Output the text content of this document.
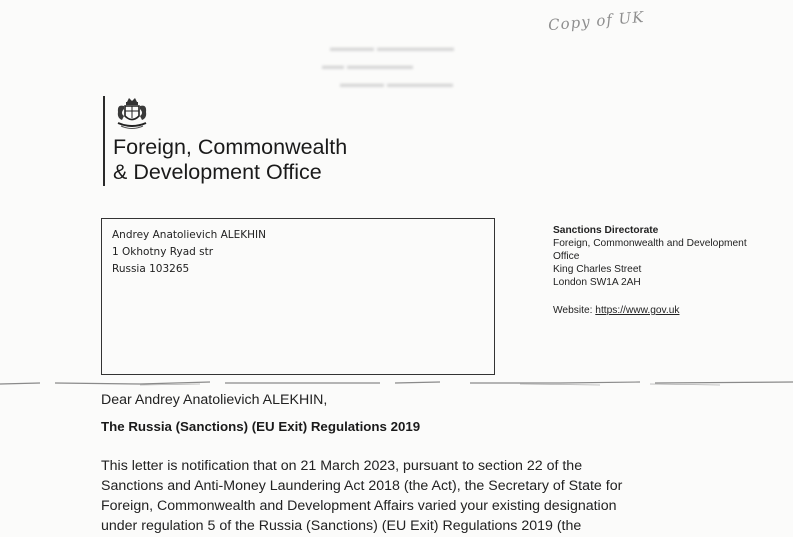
Copy of UK
▬▬▬▬ ▬▬▬▬▬▬▬
▬▬ ▬▬▬▬▬▬
▬▬▬▬ ▬▬▬▬▬▬
Foreign, Commonwealth
& Development Office
Andrey Anatolievich ALEKHIN
1 Okhotny Ryad str
Russia 103265
Sanctions Directorate
Foreign, Commonwealth and Development
Office
King Charles Street
London SW1A 2AH
Website: https://www.gov.uk
Dear Andrey Anatolievich ALEKHIN,
The Russia (Sanctions) (EU Exit) Regulations 2019

This letter is notification that on 21 March 2023, pursuant to section 22 of the
Sanctions and Anti-Money Laundering Act 2018 (the Act), the Secretary of State for
Foreign, Commonwealth and Development Affairs varied your existing designation
under regulation 5 of the Russia (Sanctions) (EU Exit) Regulations 2019 (the
